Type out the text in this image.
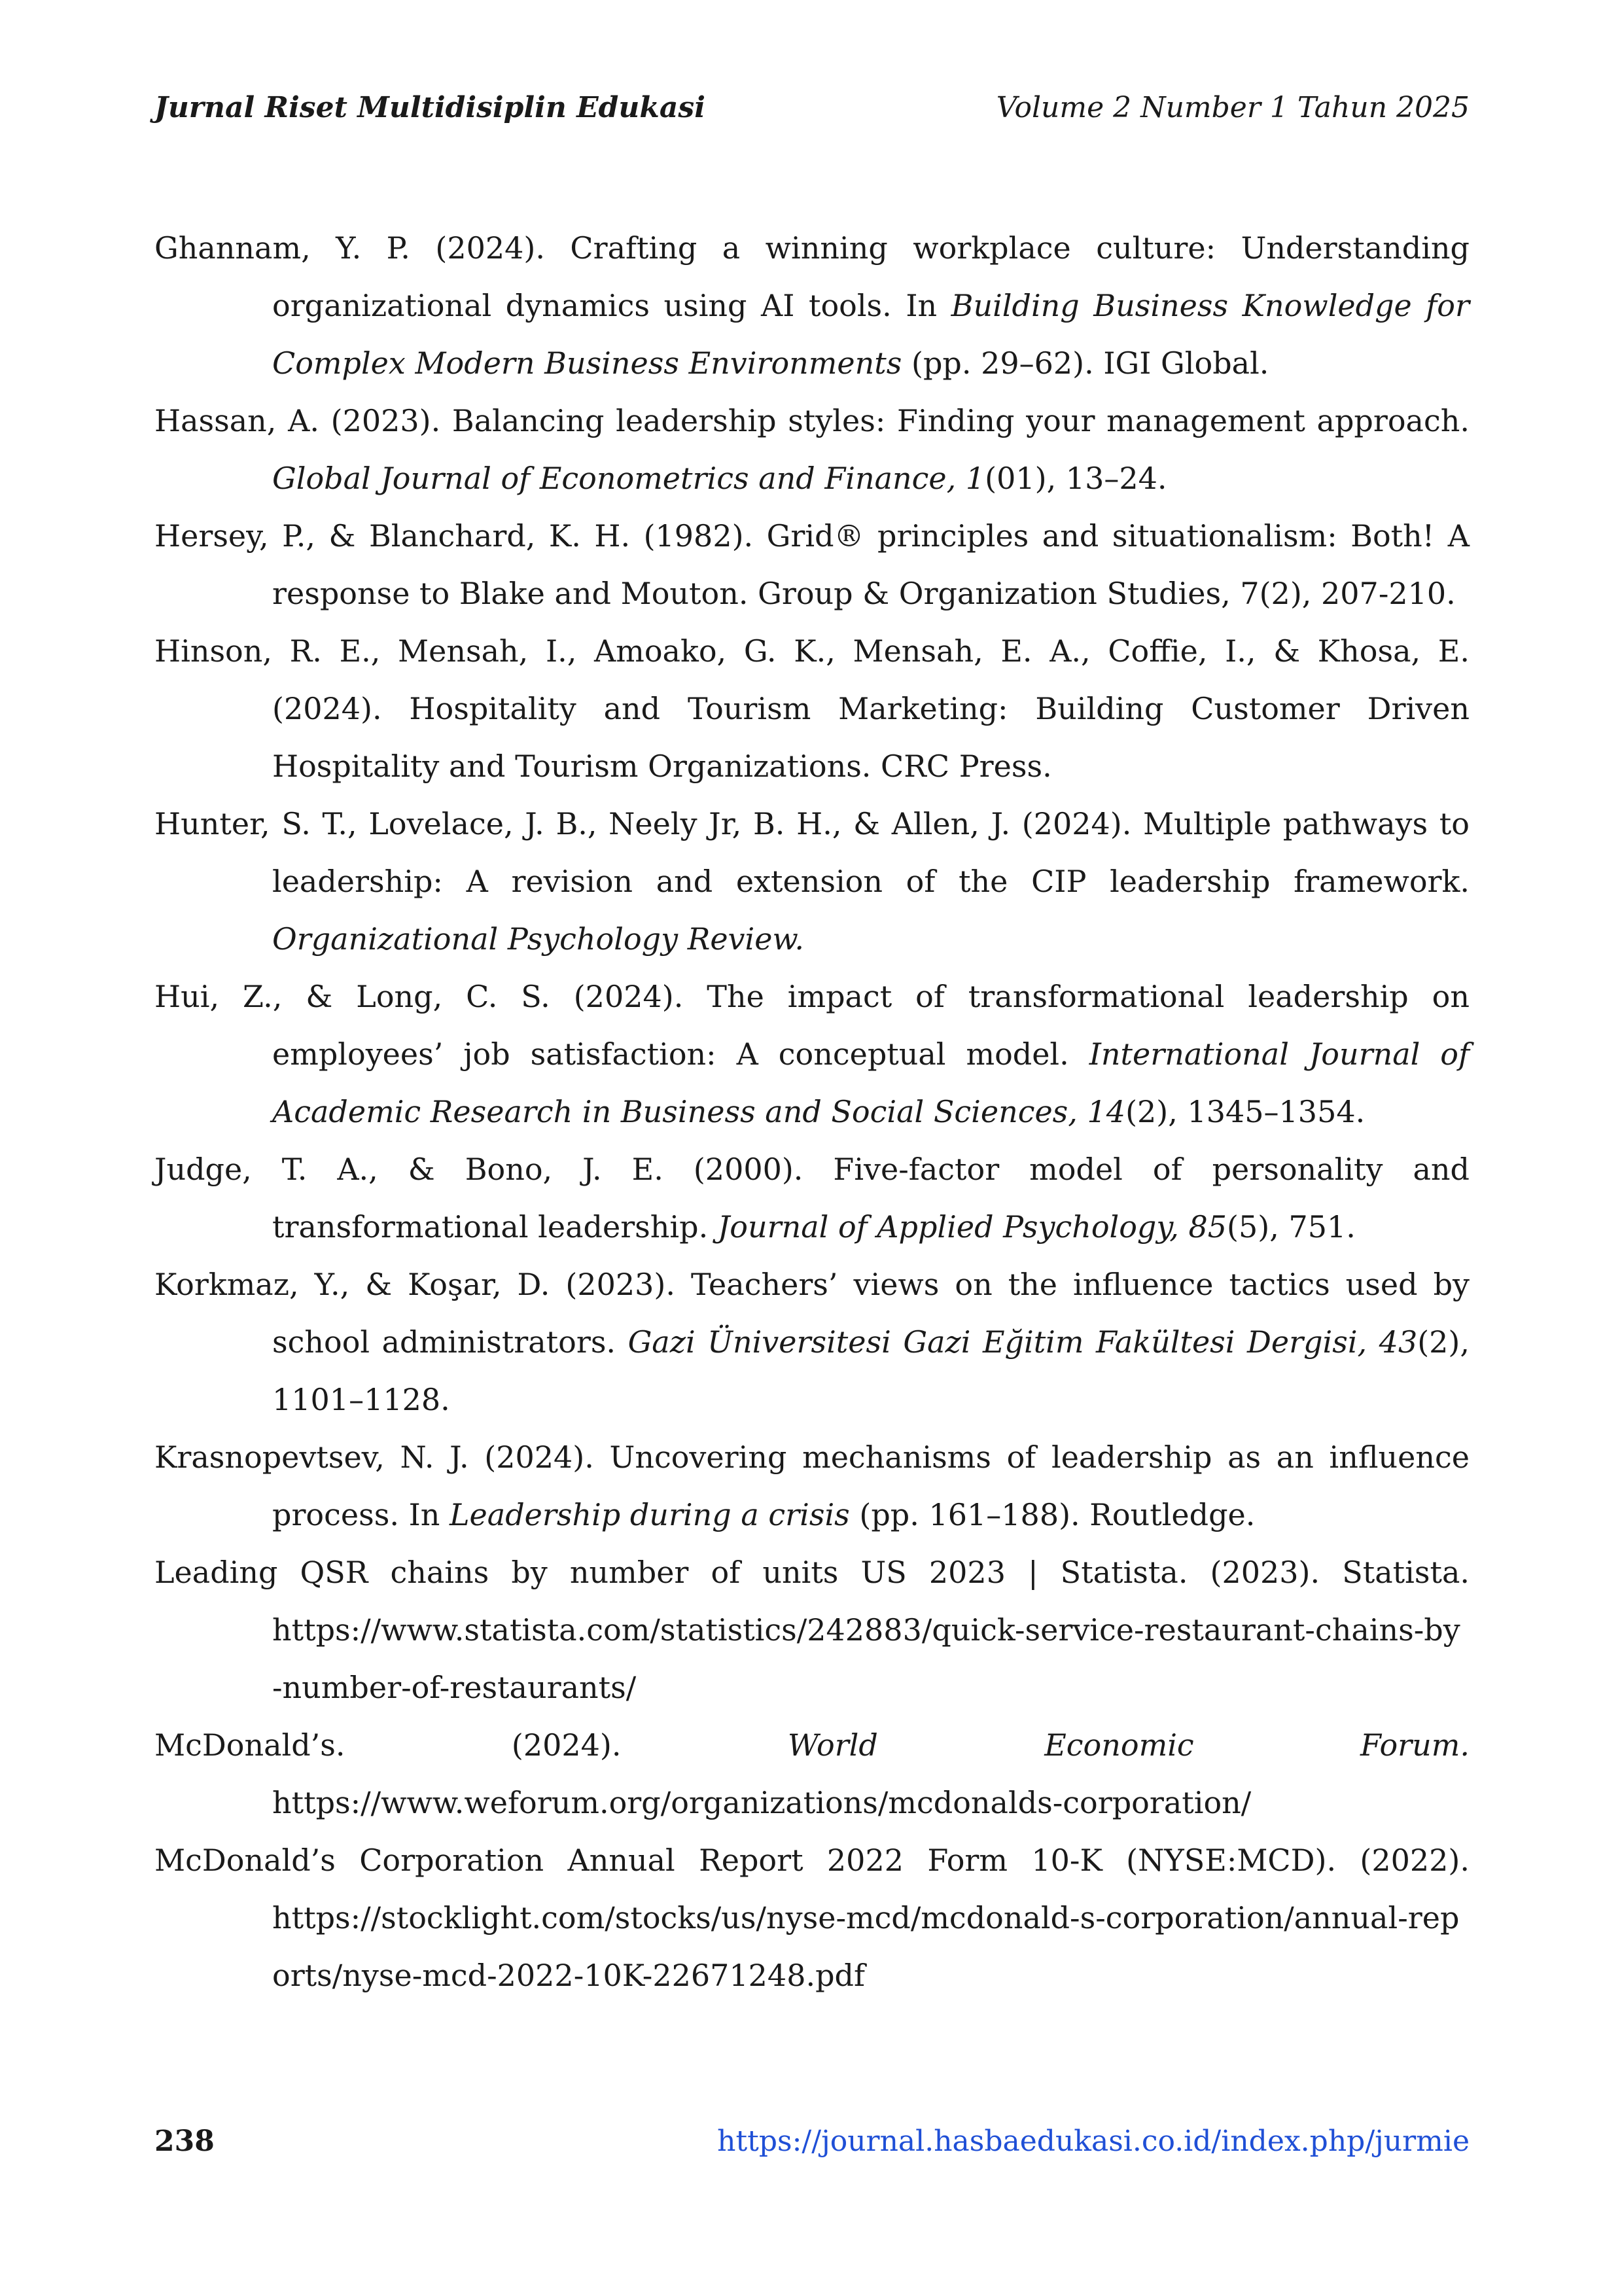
Jurnal Riset Multidisiplin Edukasi	Volume 2 Number 1 Tahun 2025

Ghannam, Y. P. (2024). Crafting a winning workplace culture: Understanding organizational dynamics using AI tools. In Building Business Knowledge for Complex Modern Business Environments (pp. 29–62). IGI Global.

Hassan, A. (2023). Balancing leadership styles: Finding your management approach. Global Journal of Econometrics and Finance, 1(01), 13–24.

Hersey, P., & Blanchard, K. H. (1982). Grid® principles and situationalism: Both! A response to Blake and Mouton. Group & Organization Studies, 7(2), 207-210.

Hinson, R. E., Mensah, I., Amoako, G. K., Mensah, E. A., Coffie, I., & Khosa, E. (2024). Hospitality and Tourism Marketing: Building Customer Driven Hospitality and Tourism Organizations. CRC Press.

Hunter, S. T., Lovelace, J. B., Neely Jr, B. H., & Allen, J. (2024). Multiple pathways to leadership: A revision and extension of the CIP leadership framework. Organizational Psychology Review.

Hui, Z., & Long, C. S. (2024). The impact of transformational leadership on employees’ job satisfaction: A conceptual model. International Journal of Academic Research in Business and Social Sciences, 14(2), 1345–1354.

Judge, T. A., & Bono, J. E. (2000). Five-factor model of personality and transformational leadership. Journal of Applied Psychology, 85(5), 751.

Korkmaz, Y., & Koşar, D. (2023). Teachers’ views on the influence tactics used by school administrators. Gazi Üniversitesi Gazi Eğitim Fakültesi Dergisi, 43(2), 1101–1128.

Krasnopevtsev, N. J. (2024). Uncovering mechanisms of leadership as an influence process. In Leadership during a crisis (pp. 161–188). Routledge.

Leading QSR chains by number of units US 2023 | Statista. (2023). Statista.
https://www.statista.com/statistics/242883/quick-service-restaurant-chains-by-number-of-restaurants/

McDonald’s. (2024). World Economic Forum.
https://www.weforum.org/organizations/mcdonalds-corporation/

McDonald’s Corporation Annual Report 2022 Form 10-K (NYSE:MCD). (2022).
https://stocklight.com/stocks/us/nyse-mcd/mcdonald-s-corporation/annual-reports/nyse-mcd-2022-10K-22671248.pdf

238	https://journal.hasbaedukasi.co.id/index.php/jurmie
